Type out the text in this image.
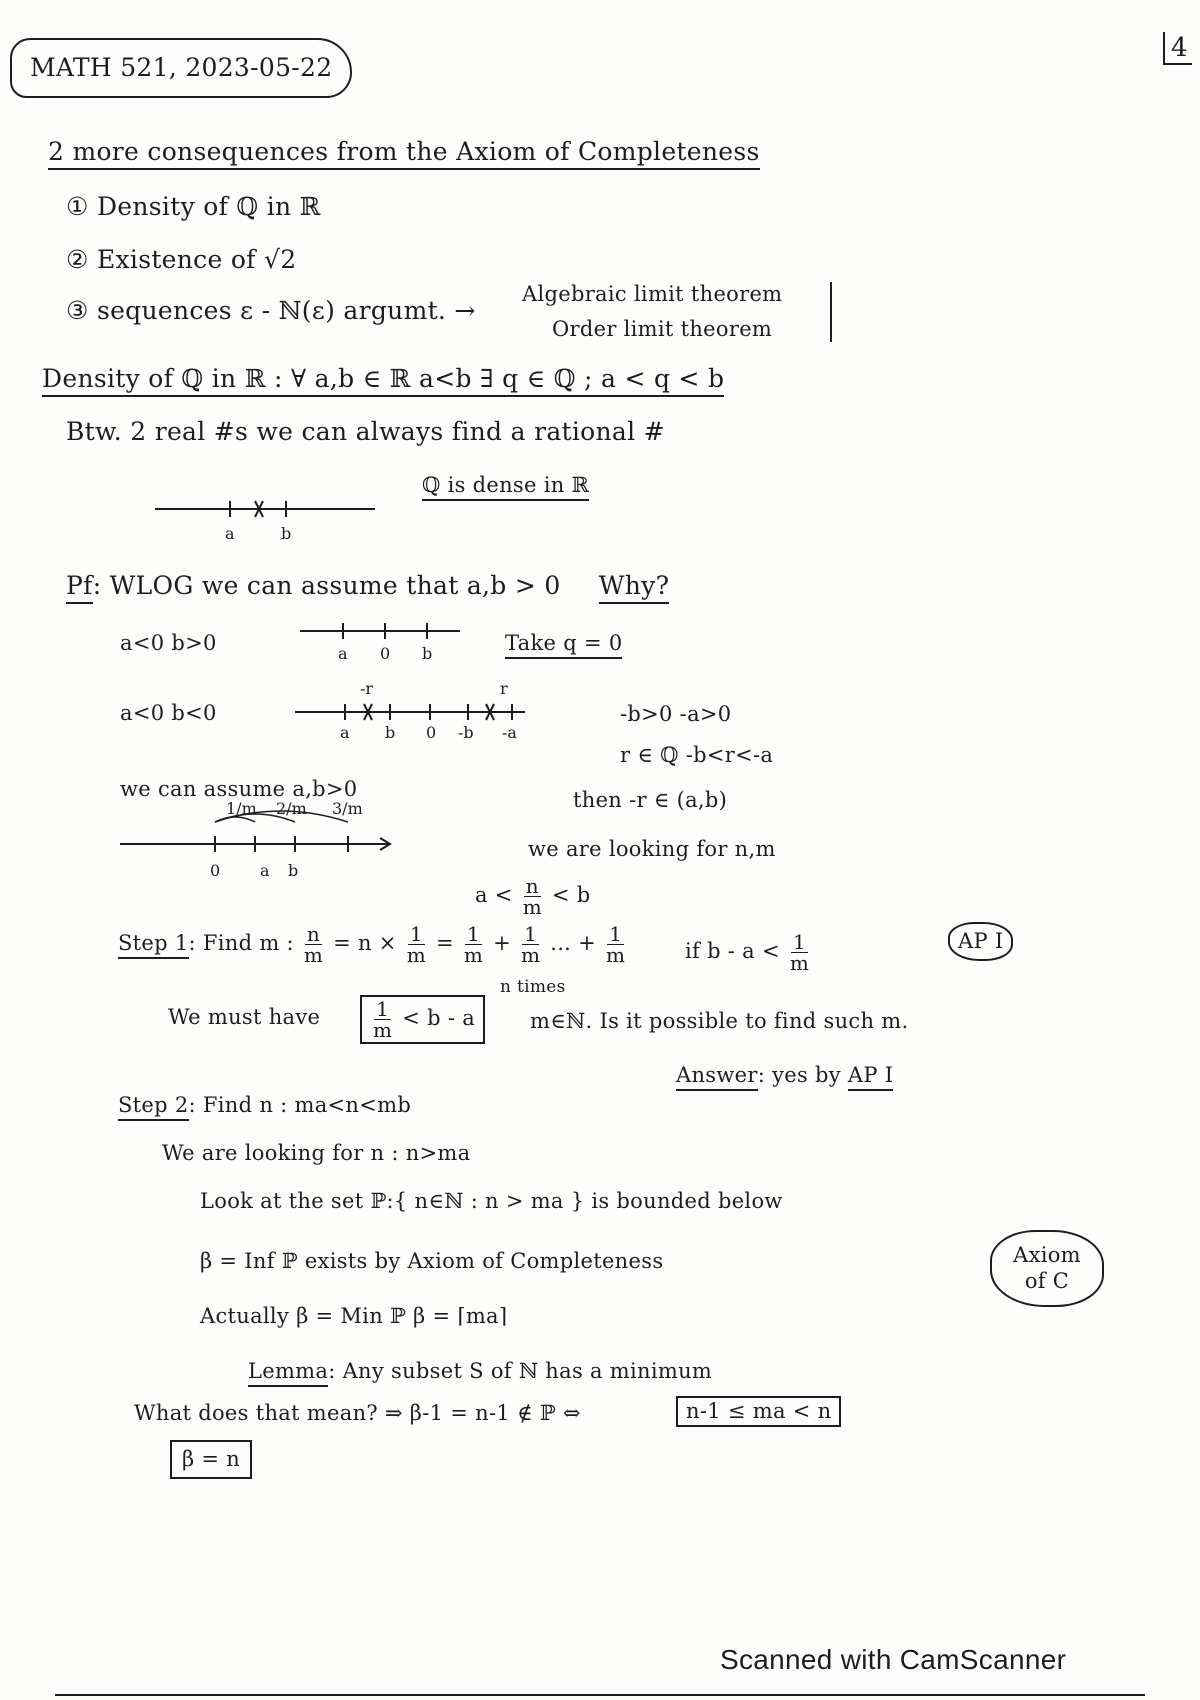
MATH 521, 2023-05-22
4
2 more consequences from the Axiom of Completeness
① Density of ℚ in ℝ
② Existence of √2
③ sequences ε - ℕ(ε) argumt. →
Algebraic limit theorem
Order limit theorem
Density of ℚ in ℝ : ∀ a,b ∈ ℝ a<b ∃ q ∈ ℚ ; a < q < b
Btw. 2 real #s we can always find a rational #
ℚ is dense in ℝ
a	b
Pf: WLOG we can assume that a,b > 0 Why?
a<0 b>0	a 0 b	Take q = 0
a<0 b<0
-r	r
a b 0 -b -a
-b>0 -a>0
r ∈ ℚ -b<r<-a
we can assume a,b>0	then -r ∈ (a,b)
1/m 2/m 3/m
0 a b
we are looking for n,m
$a < \frac{n}{m} < b$
Step 1: Find m : $\frac{n}{m} = n \times \frac{1}{m} = \frac{1}{m} + \frac{1}{m}$ ... + $\frac{1}{m}$	if $b - a < \frac{1}{m}$	AP I
n times
We must have	$\frac{1}{m} < b - a$	m∈ℕ. Is it possible to find such m.
Answer: yes by AP I
Step 2: Find n : ma<n<mb
We are looking for n : n>ma
Look at the set ℙ:{ n∈ℕ : n > ma } is bounded below
Axiom of C
β = Inf ℙ exists by Axiom of Completeness
Actually β = Min ℙ β = ⌈ma⌉
Lemma: Any subset S of ℕ has a minimum
What does that mean? ⇒ β-1 = n-1 ∉ ℙ ⇔	n-1 ≤ ma < n
β = n
Scanned with CamScanner
